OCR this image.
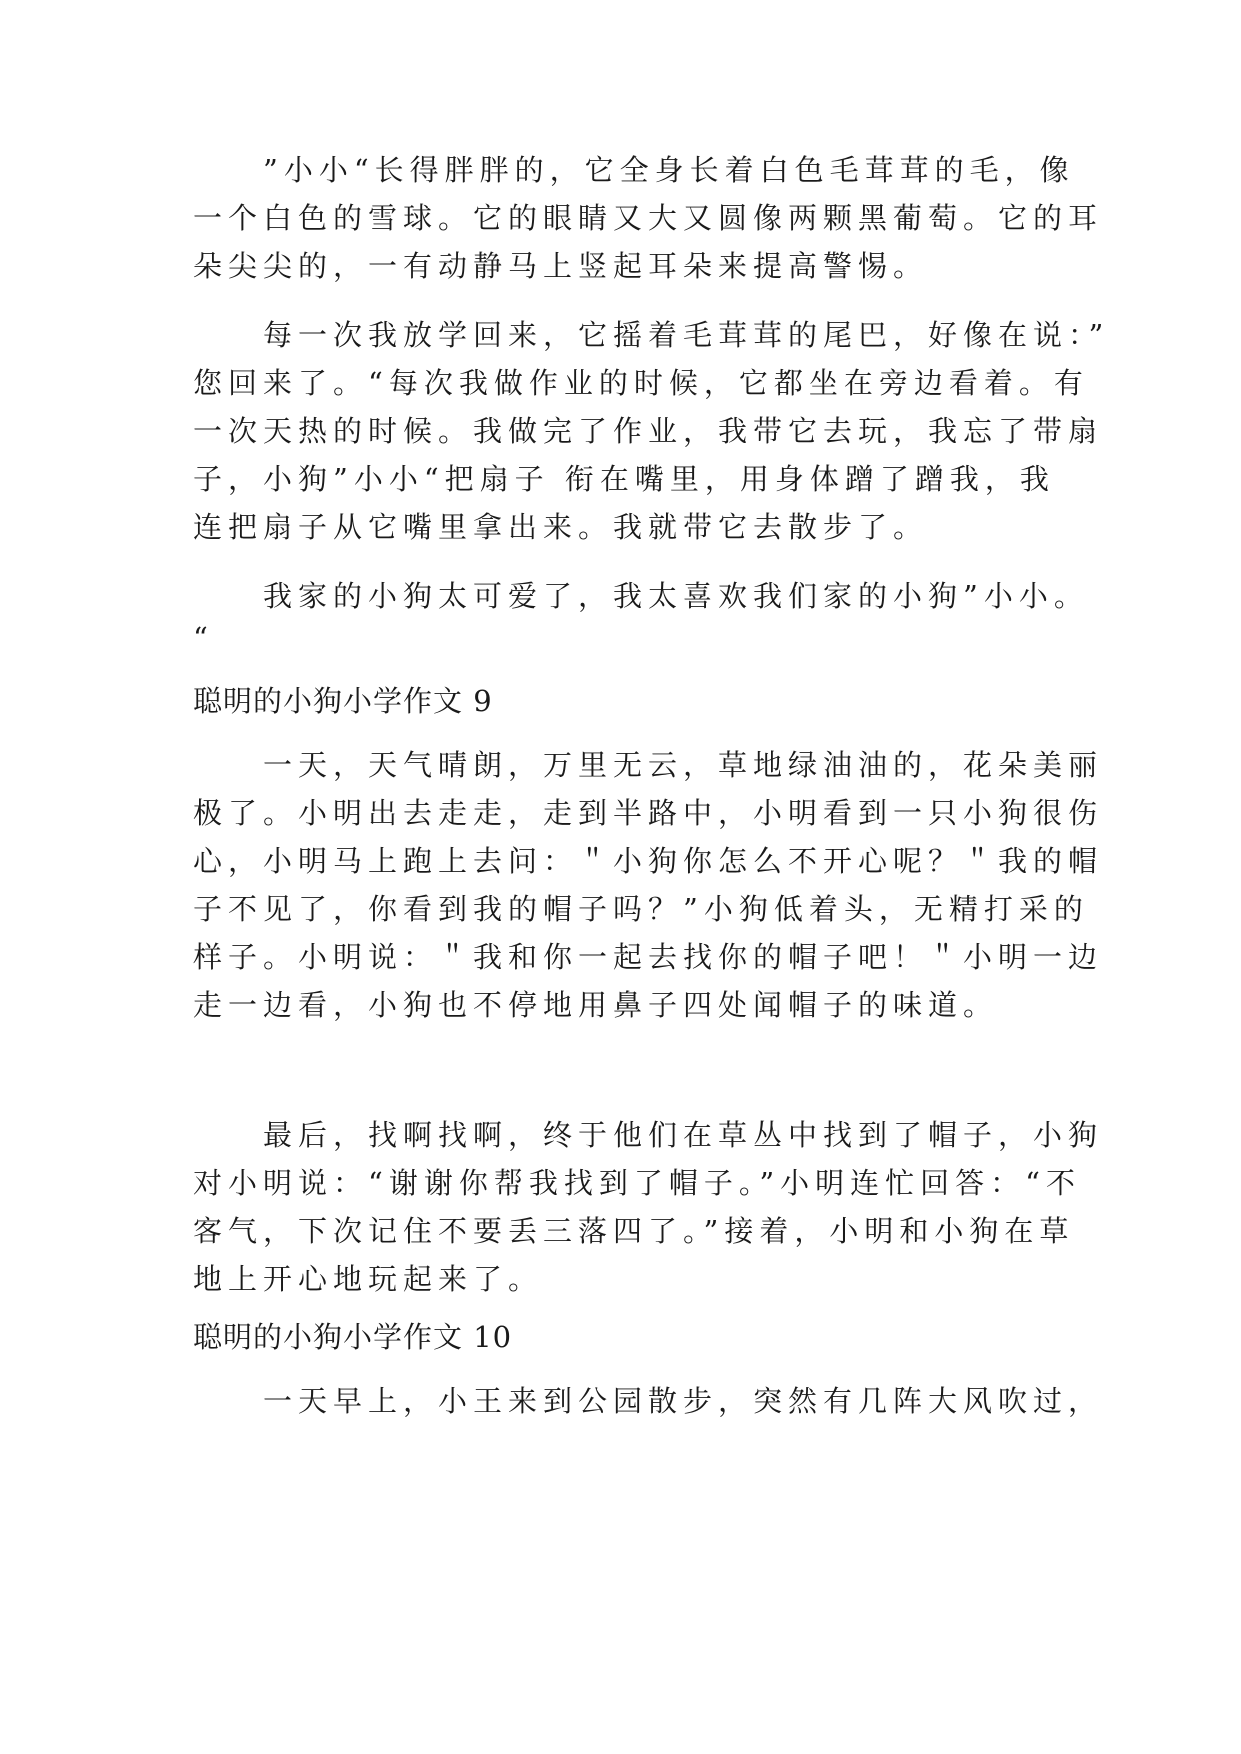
　　”小小“长得胖胖的，它全身长着白色毛茸茸的毛，像
一个白色的雪球。它的眼睛又大又圆像两颗黑葡萄。它的耳
朵尖尖的，一有动静马上竖起耳朵来提高警惕。
　　每一次我放学回来，它摇着毛茸茸的尾巴，好像在说：”
您回来了。“每次我做作业的时候，它都坐在旁边看着。有
一次天热的时候。我做完了作业，我带它去玩，我忘了带扇
子，小狗”小小“把扇子 衔在嘴里，用身体蹭了蹭我，我
连把扇子从它嘴里拿出来。我就带它去散步了。
　　我家的小狗太可爱了，我太喜欢我们家的小狗”小小。
“
聪明的小狗小学作文 9
　　一天，天气晴朗，万里无云，草地绿油油的，花朵美丽
极了。小明出去走走，走到半路中，小明看到一只小狗很伤
心，小明马上跑上去问：＂小狗你怎么不开心呢？＂我的帽
子不见了，你看到我的帽子吗？”小狗低着头，无精打采的
样子。小明说：＂我和你一起去找你的帽子吧！＂小明一边
走一边看，小狗也不停地用鼻子四处闻帽子的味道。
　　最后，找啊找啊，终于他们在草丛中找到了帽子，小狗
对小明说：“谢谢你帮我找到了帽子。”小明连忙回答：“不
客气，下次记住不要丢三落四了。”接着，小明和小狗在草
地上开心地玩起来了。
聪明的小狗小学作文 10
　　一天早上，小王来到公园散步，突然有几阵大风吹过，
